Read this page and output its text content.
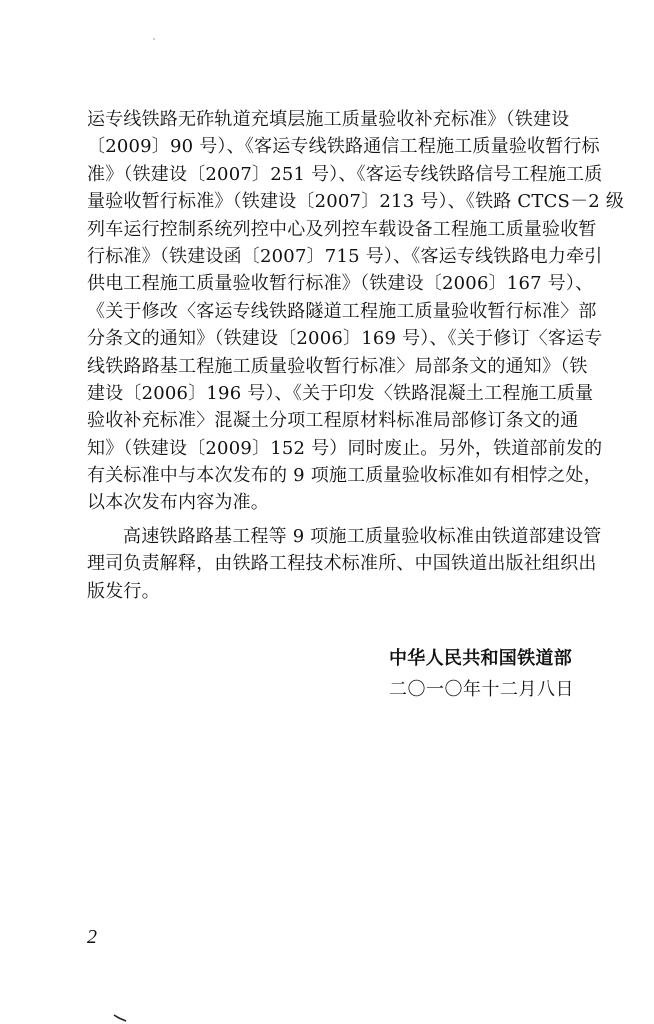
运专线铁路无砟轨道充填层施工质量验收补充标准》（铁建设
〔2009〕90 号）、《客运专线铁路通信工程施工质量验收暂行标
准》（铁建设〔2007〕251 号）、《客运专线铁路信号工程施工质
量验收暂行标准》（铁建设〔2007〕213 号）、《铁路 CTCS－2 级
列车运行控制系统列控中心及列控车载设备工程施工质量验收暂
行标准》（铁建设函〔2007〕715 号）、《客运专线铁路电力牵引
供电工程施工质量验收暂行标准》（铁建设〔2006〕167 号）、
《关于修改〈客运专线铁路隧道工程施工质量验收暂行标准〉部
分条文的通知》（铁建设〔2006〕169 号）、《关于修订〈客运专
线铁路路基工程施工质量验收暂行标准〉局部条文的通知》（铁
建设〔2006〕196 号）、《关于印发〈铁路混凝土工程施工质量
验收补充标准〉混凝土分项工程原材料标准局部修订条文的通
知》（铁建设〔2009〕152 号）同时废止。另外，铁道部前发的
有关标准中与本次发布的 9 项施工质量验收标准如有相悖之处，
以本次发布内容为准。
高速铁路路基工程等 9 项施工质量验收标准由铁道部建设管
理司负责解释，由铁路工程技术标准所、中国铁道出版社组织出
版发行。
中华人民共和国铁道部
二〇一〇年十二月八日
2
